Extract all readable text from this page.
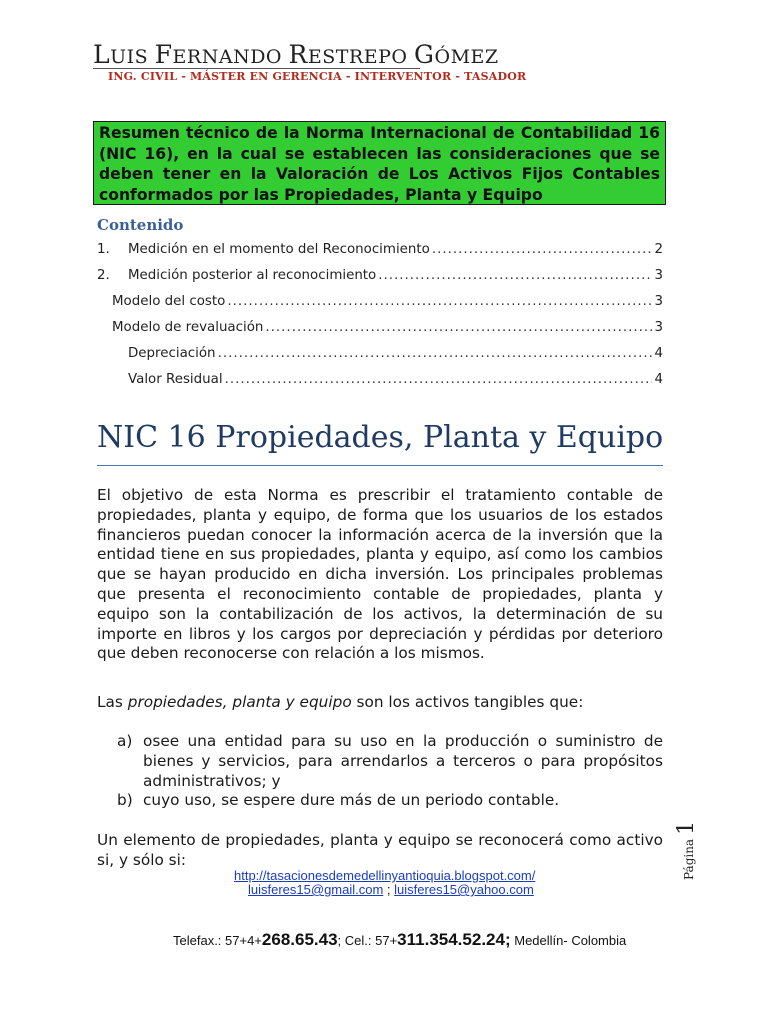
LUIS FERNANDO RESTREPO GÓMEZ
ING. CIVIL - MÁSTER EN GERENCIA - INTERVENTOR - TASADOR
Resumen técnico de la Norma Internacional de Contabilidad 16 (NIC 16), en la cual se establecen las consideraciones que se deben tener en la Valoración de Los Activos Fijos Contables conformados por las Propiedades, Planta y Equipo
Contenido
1.	Medición en el momento del Reconocimiento .....	2
2.	Medición posterior al reconocimiento .....	3
Modelo del costo .....	3
Modelo de revaluación .....	3
Depreciación .....	4
Valor Residual .....	4
NIC 16 Propiedades, Planta y Equipo
El objetivo de esta Norma es prescribir el tratamiento contable de propiedades, planta y equipo, de forma que los usuarios de los estados financieros puedan conocer la información acerca de la inversión que la entidad tiene en sus propiedades, planta y equipo, así como los cambios que se hayan producido en dicha inversión. Los principales problemas que presenta el reconocimiento contable de propiedades, planta y equipo son la contabilización de los activos, la determinación de su importe en libros y los cargos por depreciación y pérdidas por deterioro que deben reconocerse con relación a los mismos.
Las propiedades, planta y equipo son los activos tangibles que:
a) osee una entidad para su uso en la producción o suministro de bienes y servicios, para arrendarlos a terceros o para propósitos administrativos; y
b) cuyo uso, se espere dure más de un periodo contable.
Un elemento de propiedades, planta y equipo se reconocerá como activo si, y sólo si:	Página1
http://tasacionesdemedellinyantioquia.blogspot.com/
luisferes15@gmail.com ; luisferes15@yahoo.com
Telefax.: 57+4+268.65.43; Cel.: 57+311.354.52.24; Medellín- Colombia
